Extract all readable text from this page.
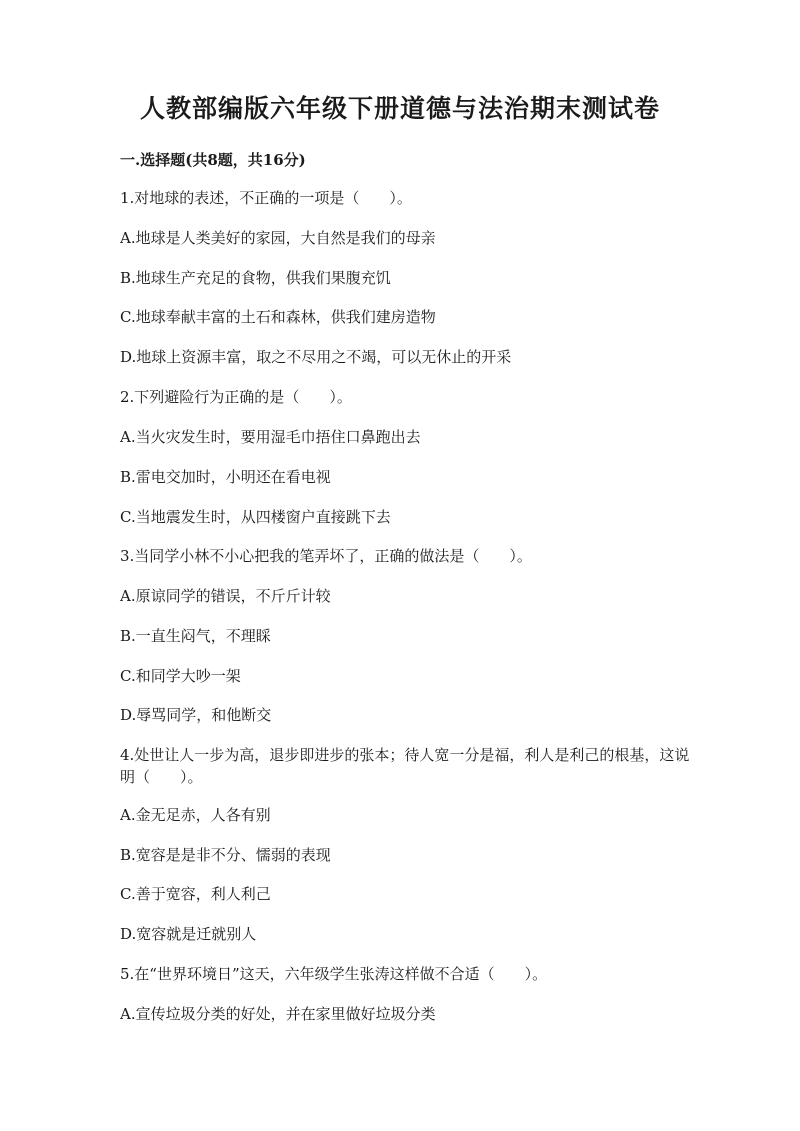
人教部编版六年级下册道德与法治期末测试卷
一.选择题(共8题，共16分)
1.对地球的表述，不正确的一项是（　　）。
A.地球是人类美好的家园，大自然是我们的母亲
B.地球生产充足的食物，供我们果腹充饥
C.地球奉献丰富的土石和森林，供我们建房造物
D.地球上资源丰富，取之不尽用之不竭，可以无休止的开采
2.下列避险行为正确的是（　　）。
A.当火灾发生时，要用湿毛巾捂住口鼻跑出去
B.雷电交加时，小明还在看电视
C.当地震发生时，从四楼窗户直接跳下去
3.当同学小林不小心把我的笔弄坏了，正确的做法是（　　）。
A.原谅同学的错误，不斤斤计较
B.一直生闷气，不理睬
C.和同学大吵一架
D.辱骂同学，和他断交
4.处世让人一步为高，退步即进步的张本；待人宽一分是福，利人是利己的根基，这说明（　　）。
A.金无足赤，人各有别
B.宽容是是非不分、懦弱的表现
C.善于宽容，利人利己
D.宽容就是迁就别人
5.在“世界环境日”这天，六年级学生张涛这样做不合适（　　）。
A.宣传垃圾分类的好处，并在家里做好垃圾分类
